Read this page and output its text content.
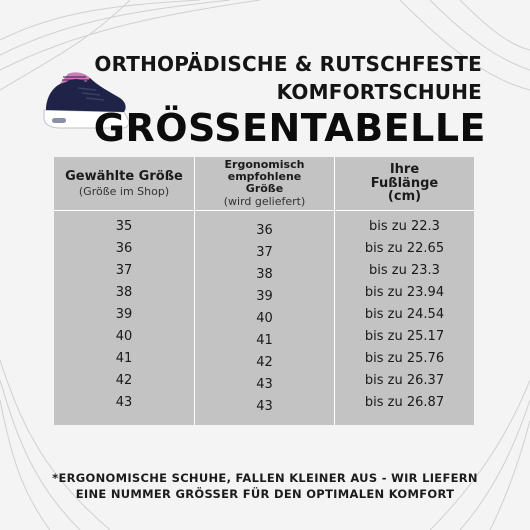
ORTHOPÄDISCHE & RUTSCHFESTE
KOMFORTSCHUHE
GRÖSSENTABELLE
Gewählte Größe
(Größe im Shop)
35
36
37
38
39
40
41
42
43
Ergonomisch empfohlene Größe
(wird geliefert)
36
37
38
39
40
41
42
43
43
Ihre Fußlänge (cm)
bis zu 22.3
bis zu 22.65
bis zu 23.3
bis zu 23.94
bis zu 24.54
bis zu 25.17
bis zu 25.76
bis zu 26.37
bis zu 26.87
*ERGONOMISCHE SCHUHE, FALLEN KLEINER AUS - WIR LIEFERN
EINE NUMMER GRÖSSER FÜR DEN OPTIMALEN KOMFORT
